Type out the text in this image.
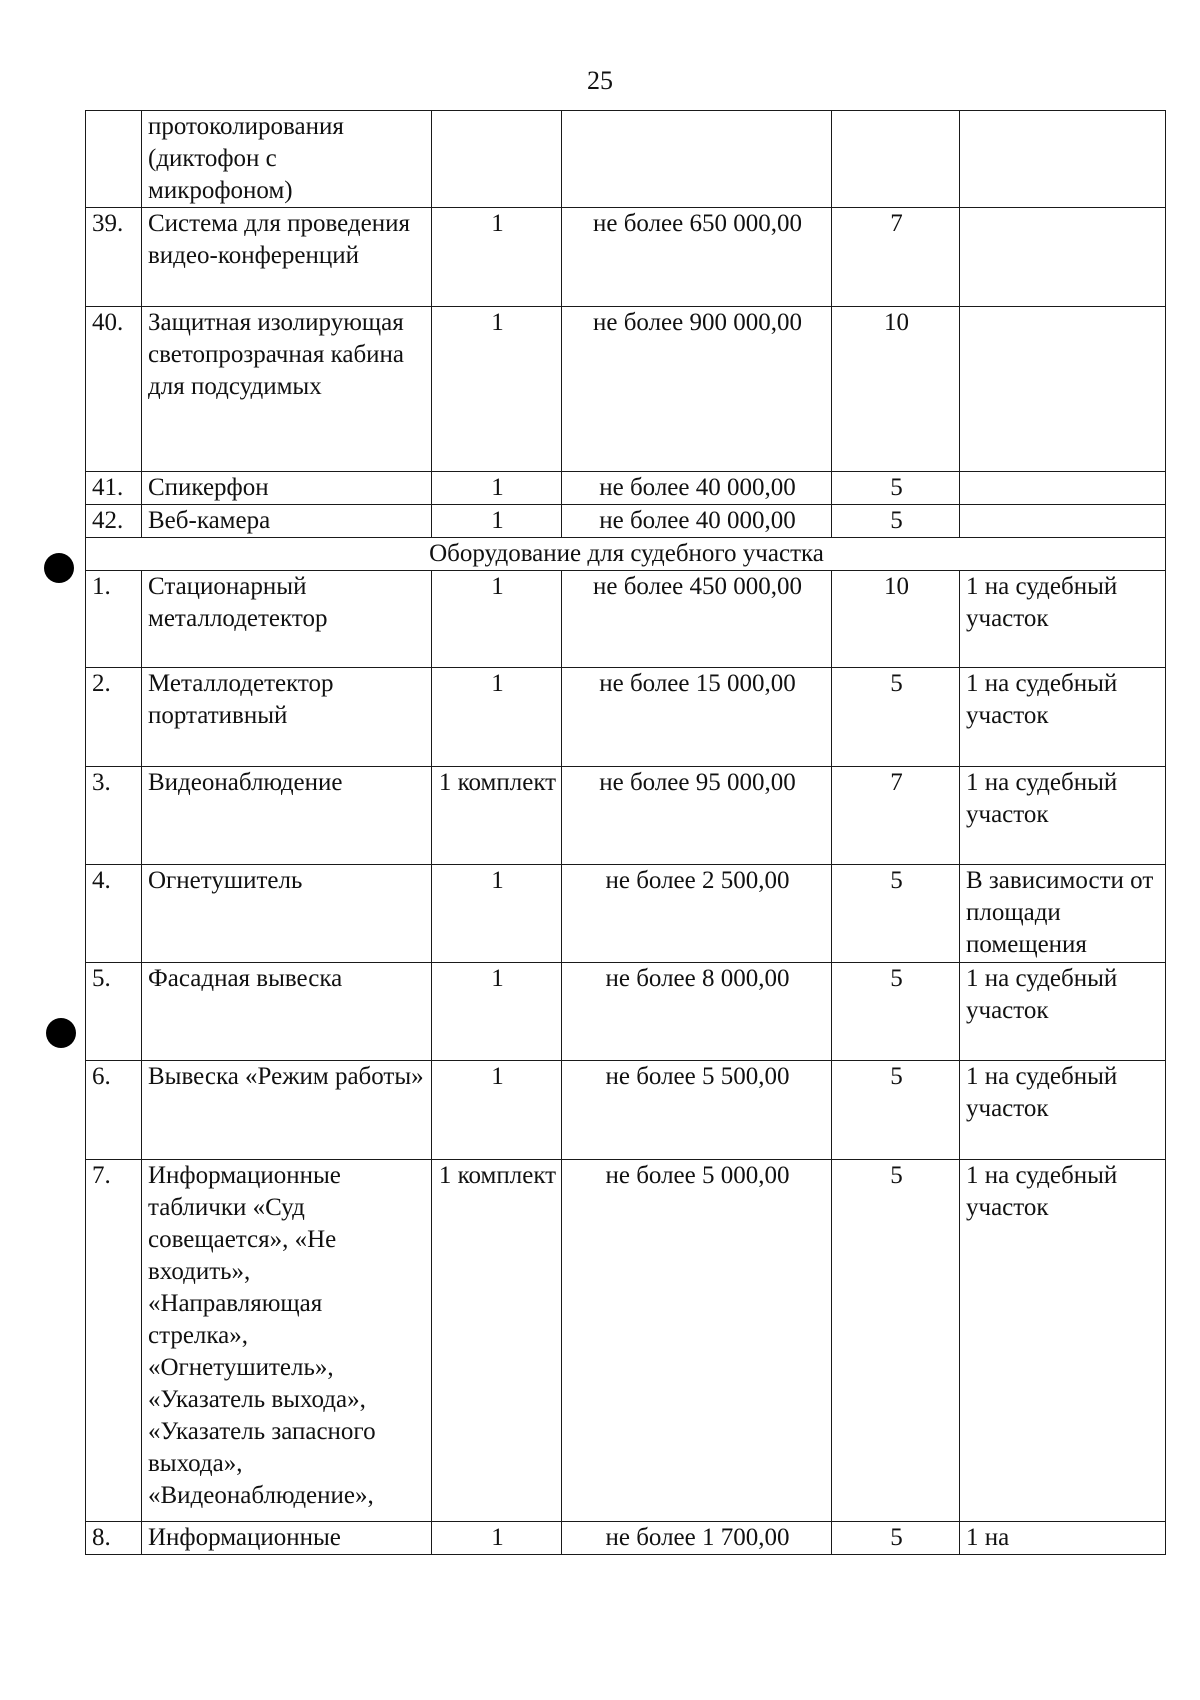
25
	протоколирования (диктофон с микрофоном)				
39.	Система для проведения видео-конференций	1	не более 650 000,00	7	
40.	Защитная изолирующая светопрозрачная кабина для подсудимых	1	не более 900 000,00	10	
41.	Спикерфон	1	не более 40 000,00	5	
42.	Веб-камера	1	не более 40 000,00	5	
Оборудование для судебного участка					
1.	Стационарный металлодетектор	1	не более 450 000,00	10	1 на судебный участок
2.	Металлодетектор портативный	1	не более 15 000,00	5	1 на судебный участок
3.	Видеонаблюдение	1 комплект	не более 95 000,00	7	1 на судебный участок
4.	Огнетушитель	1	не более 2 500,00	5	В зависимости от площади помещения
5.	Фасадная вывеска	1	не более 8 000,00	5	1 на судебный участок
6.	Вывеска «Режим работы»	1	не более 5 500,00	5	1 на судебный участок
7.	Информационные таблички «Суд совещается», «Не входить», «Направляющая стрелка», «Огнетушитель», «Указатель выхода», «Указатель запасного выхода», «Видеонаблюдение»,	1 комплект	не более 5 000,00	5	1 на судебный участок
8.	Информационные	1	не более 1 700,00	5	1 на
